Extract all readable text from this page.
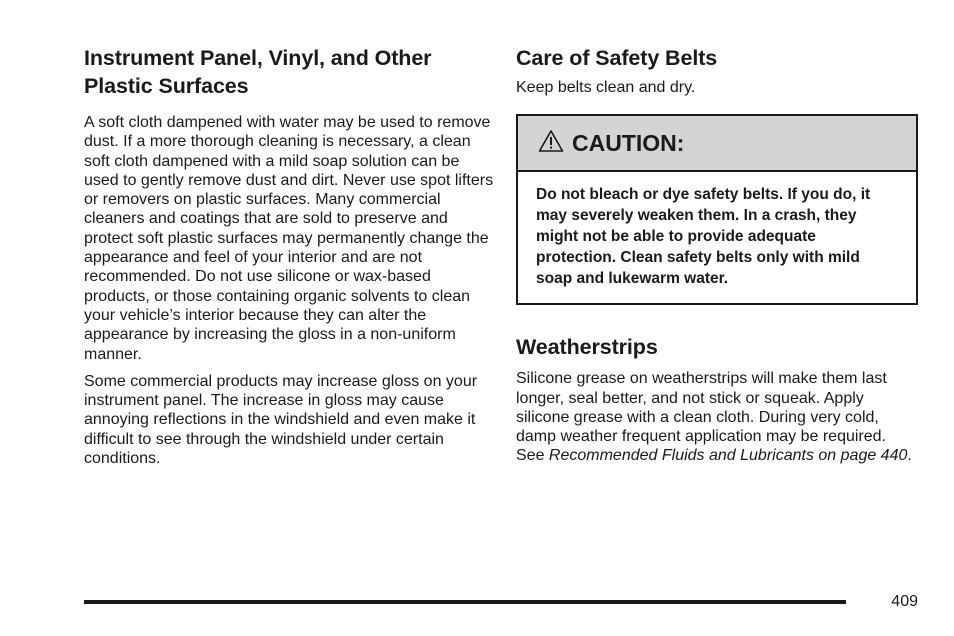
Instrument Panel, Vinyl, and Other Plastic Surfaces

A soft cloth dampened with water may be used to remove dust. If a more thorough cleaning is necessary, a clean soft cloth dampened with a mild soap solution can be used to gently remove dust and dirt. Never use spot lifters or removers on plastic surfaces. Many commercial cleaners and coatings that are sold to preserve and protect soft plastic surfaces may permanently change the appearance and feel of your interior and are not recommended. Do not use silicone or wax-based products, or those containing organic solvents to clean your vehicle’s interior because they can alter the appearance by increasing the gloss in a non-uniform manner.

Some commercial products may increase gloss on your instrument panel. The increase in gloss may cause annoying reflections in the windshield and even make it difficult to see through the windshield under certain conditions.

Care of Safety Belts

Keep belts clean and dry.

CAUTION:
Do not bleach or dye safety belts. If you do, it may severely weaken them. In a crash, they might not be able to provide adequate protection. Clean safety belts only with mild soap and lukewarm water.
Weatherstrips

Silicone grease on weatherstrips will make them last longer, seal better, and not stick or squeak. Apply silicone grease with a clean cloth. During very cold, damp weather frequent application may be required. See Recommended Fluids and Lubricants on page 440.

409
